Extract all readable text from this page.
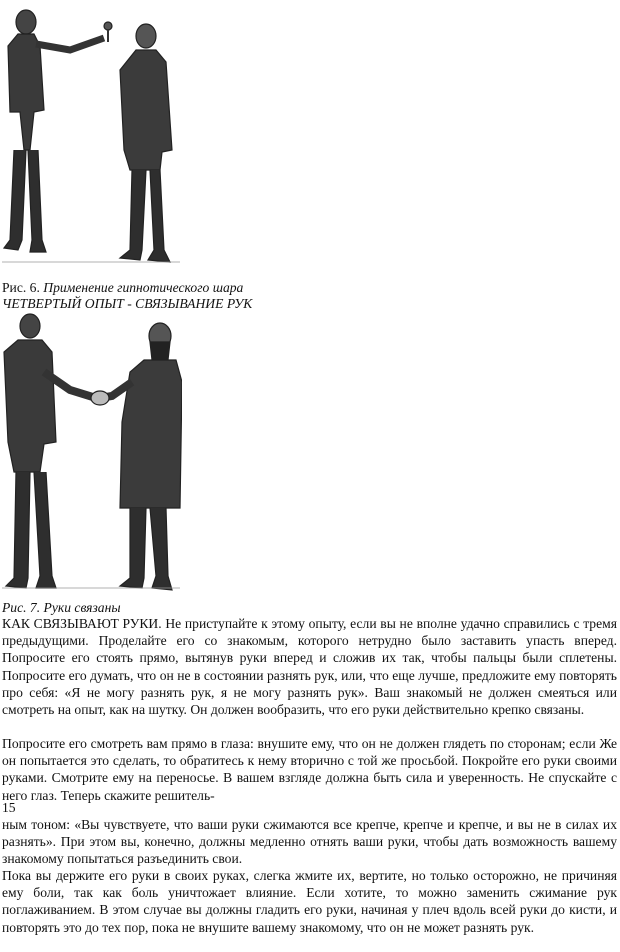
Рис. 6. Применение гипнотического шара
ЧЕТВЕРТЫЙ ОПЫТ - СВЯЗЫВАНИЕ РУК
Рис. 7. Руки связаны
КАК СВЯЗЫВАЮТ РУКИ. Не приступайте к этому опыту, если вы не вполне удачно справились с тремя предыдущими. Проделайте его со знакомым, которого нетрудно было заставить упасть вперед. Попросите его стоять прямо, вытянув руки вперед и сложив их так, чтобы пальцы были сплетены. Попросите его думать, что он не в состоянии разнять рук, или, что еще лучше, предложите ему повторять про себя: «Я не могу разнять рук, я не могу разнять рук». Ваш знакомый не должен смеяться или смотреть на опыт, как на шутку. Он должен вообразить, что его руки действительно крепко связаны.
Попросите его смотреть вам прямо в глаза: внушите ему, что он не должен глядеть по сторонам; если Же он попытается это сделать, то обратитесь к нему вторично с той же просьбой. Покройте его руки своими руками. Смотрите ему на переносье. В вашем взгляде должна быть сила и уверенность. Не спускайте с него глаз. Теперь скажите решитель-
15
ным тоном: «Вы чувствуете, что ваши руки сжимаются все крепче, крепче и крепче, и вы не в силах их разнять». При этом вы, конечно, должны медленно отнять ваши руки, чтобы дать возможность вашему знакомому попытаться разъединить свои.
Пока вы держите его руки в своих руках, слегка жмите их, вертите, но только осторожно, не причиняя ему боли, так как боль уничтожает влияние. Если хотите, то можно заменить сжимание рук поглаживанием. В этом случае вы должны гладить его руки, начиная у плеч вдоль всей руки до кисти, и повторять это до тех пор, пока не внушите вашему знакомому, что он не может разнять рук.
